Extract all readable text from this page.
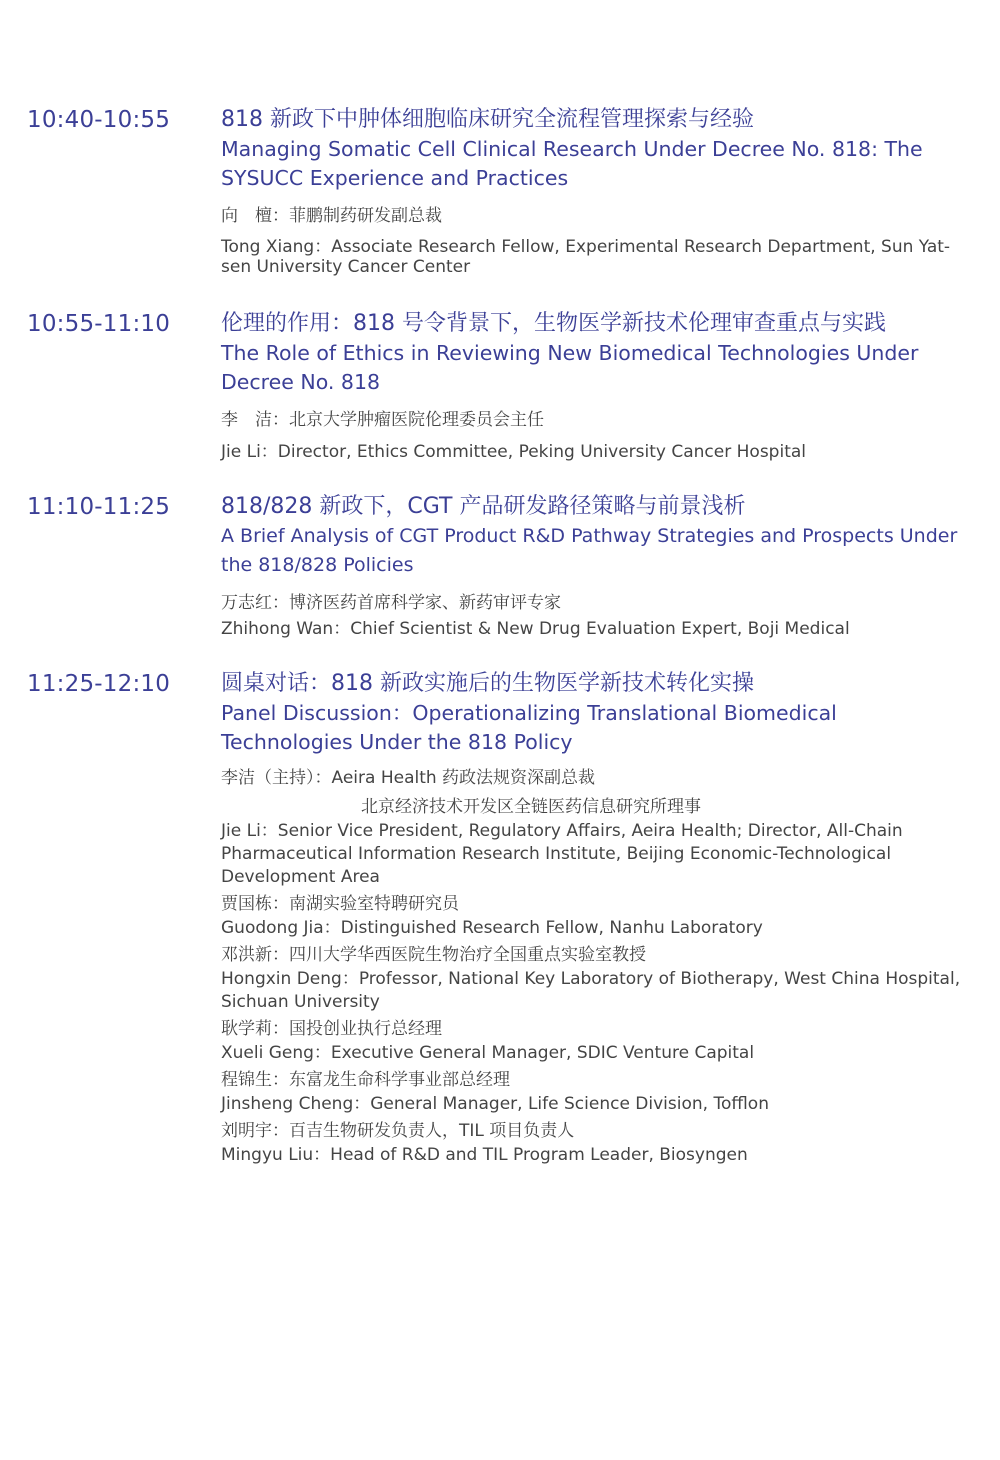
10:40-10:55 818 新政下中肿体细胞临床研究全流程管理探索与经验

Managing Somatic Cell Clinical Research Under Decree No. 818: The SYSUCC Experience and Practices

向　檀：菲鹏制药研发副总裁

Tong Xiang：Associate Research Fellow, Experimental Research Department, Sun Yat-sen University Cancer Center

10:55-11:10 伦理的作用：818 号令背景下，生物医学新技术伦理审查重点与实践

The Role of Ethics in Reviewing New Biomedical Technologies Under Decree No. 818

李　洁：北京大学肿瘤医院伦理委员会主任

Jie Li：Director, Ethics Committee, Peking University Cancer Hospital

11:10-11:25 818/828 新政下，CGT 产品研发路径策略与前景浅析

A Brief Analysis of CGT Product R&D Pathway Strategies and Prospects Under the 818/828 Policies

万志红：博济医药首席科学家、新药审评专家

Zhihong Wan：Chief Scientist & New Drug Evaluation Expert, Boji Medical

11:25-12:10 圆桌对话：818 新政实施后的生物医学新技术转化实操

Panel Discussion：Operationalizing Translational Biomedical Technologies Under the 818 Policy

李洁（主持）：Aeira Health 药政法规资深副总裁

北京经济技术开发区全链医药信息研究所理事

Jie Li：Senior Vice President, Regulatory Affairs, Aeira Health; Director, All-Chain Pharmaceutical Information Research Institute, Beijing Economic-Technological Development Area

贾国栋：南湖实验室特聘研究员

Guodong Jia：Distinguished Research Fellow, Nanhu Laboratory

邓洪新：四川大学华西医院生物治疗全国重点实验室教授

Hongxin Deng：Professor, National Key Laboratory of Biotherapy, West China Hospital, Sichuan University

耿学莉：国投创业执行总经理

Xueli Geng：Executive General Manager, SDIC Venture Capital

程锦生：东富龙生命科学事业部总经理

Jinsheng Cheng：General Manager, Life Science Division, Tofflon

刘明宇：百吉生物研发负责人，TIL 项目负责人

Mingyu Liu：Head of R&D and TIL Program Leader, Biosyngen
